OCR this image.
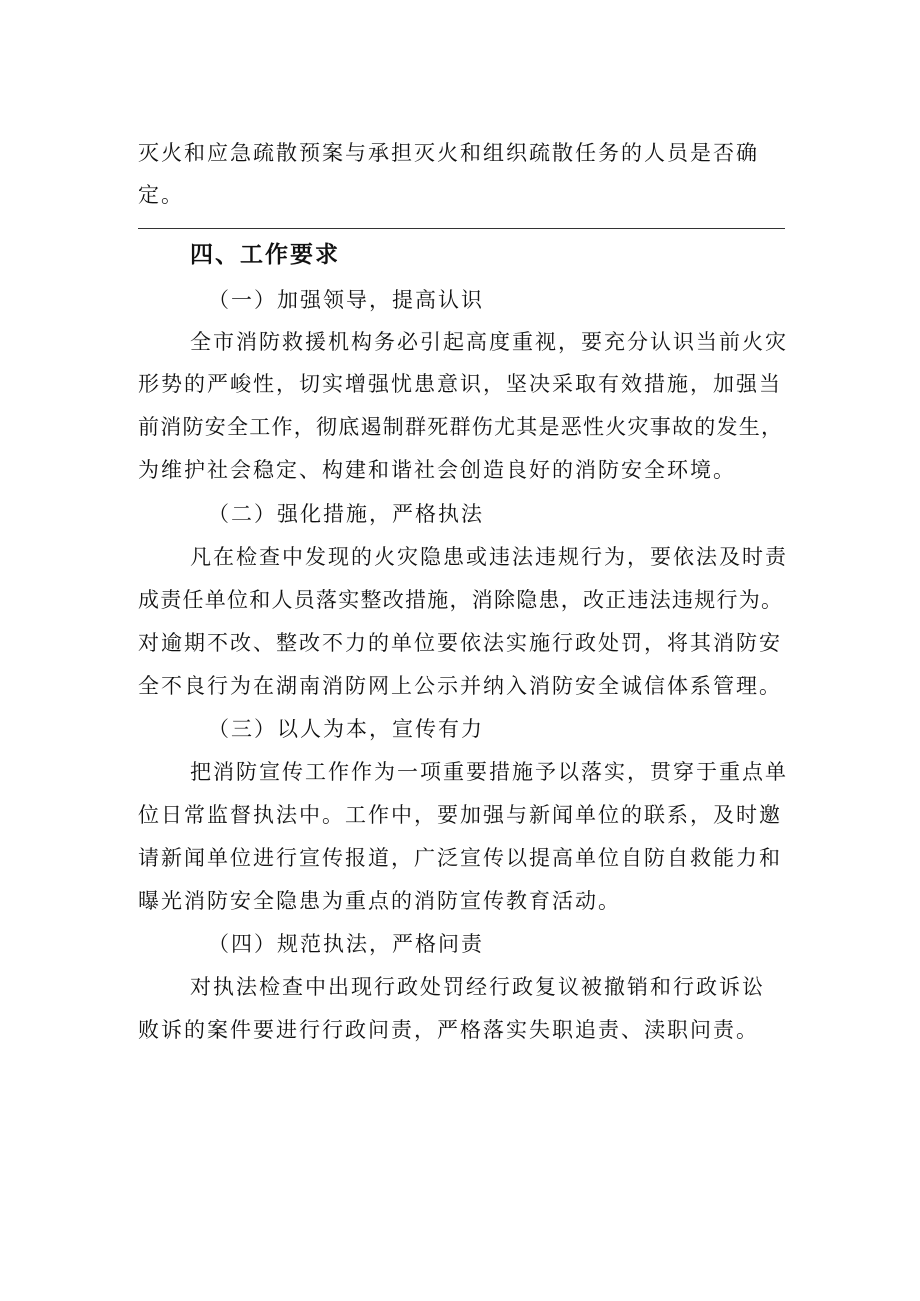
灭火和应急疏散预案与承担灭火和组织疏散任务的人员是否确
定。
四、工作要求
（一）加强领导，提高认识
全市消防救援机构务必引起高度重视，要充分认识当前火灾
形势的严峻性，切实增强忧患意识，坚决采取有效措施，加强当
前消防安全工作，彻底遏制群死群伤尤其是恶性火灾事故的发生，
为维护社会稳定、构建和谐社会创造良好的消防安全环境。
（二）强化措施，严格执法
凡在检查中发现的火灾隐患或违法违规行为，要依法及时责
成责任单位和人员落实整改措施，消除隐患，改正违法违规行为。
对逾期不改、整改不力的单位要依法实施行政处罚，将其消防安
全不良行为在湖南消防网上公示并纳入消防安全诚信体系管理。
（三）以人为本，宣传有力
把消防宣传工作作为一项重要措施予以落实，贯穿于重点单
位日常监督执法中。工作中，要加强与新闻单位的联系，及时邀
请新闻单位进行宣传报道，广泛宣传以提高单位自防自救能力和
曝光消防安全隐患为重点的消防宣传教育活动。
（四）规范执法，严格问责
对执法检查中出现行政处罚经行政复议被撤销和行政诉讼
败诉的案件要进行行政问责，严格落实失职追责、渎职问责。
